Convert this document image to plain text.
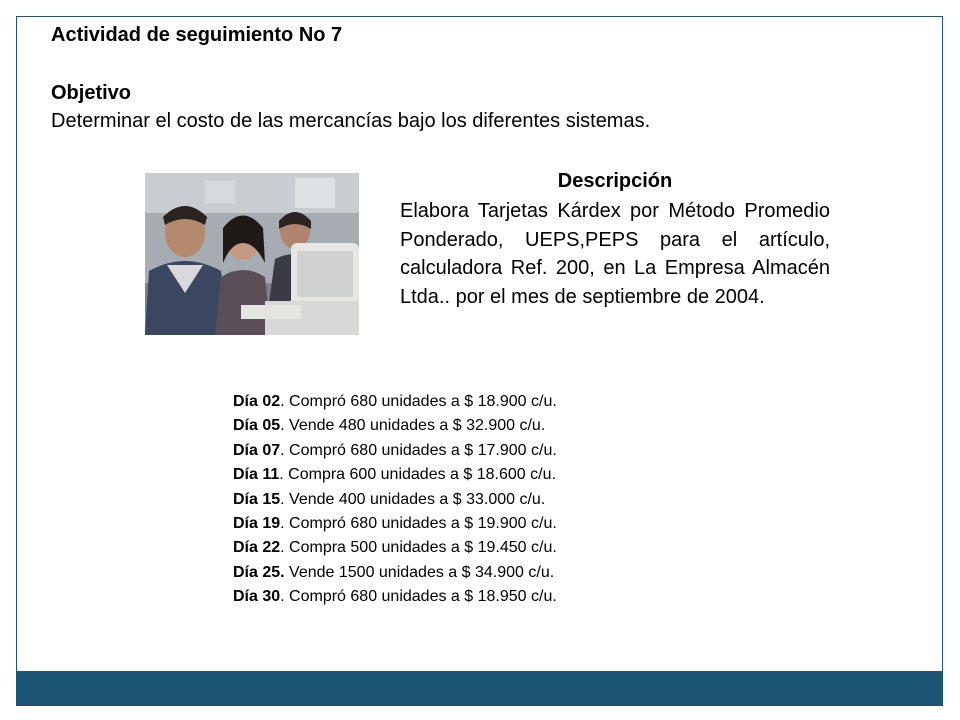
Actividad de seguimiento No 7
Objetivo
Determinar el costo de las mercancías bajo los diferentes sistemas.
Descripción
Elabora Tarjetas Kárdex por Método Promedio Ponderado, UEPS,PEPS para el artículo, calculadora Ref. 200, en La Empresa Almacén Ltda.. por el mes de septiembre de 2004.
Día 02. Compró 680 unidades a $ 18.900 c/u.
Día 05. Vende 480 unidades a $ 32.900 c/u.
Día 07. Compró 680 unidades a $ 17.900 c/u.
Día 11. Compra 600 unidades a $ 18.600 c/u.
Día 15. Vende 400 unidades a $ 33.000 c/u.
Día 19. Compró 680 unidades a $ 19.900 c/u.
Día 22. Compra 500 unidades a $ 19.450 c/u.
Día 25. Vende 1500 unidades a $ 34.900 c/u.
Día 30. Compró 680 unidades a $ 18.950 c/u.
